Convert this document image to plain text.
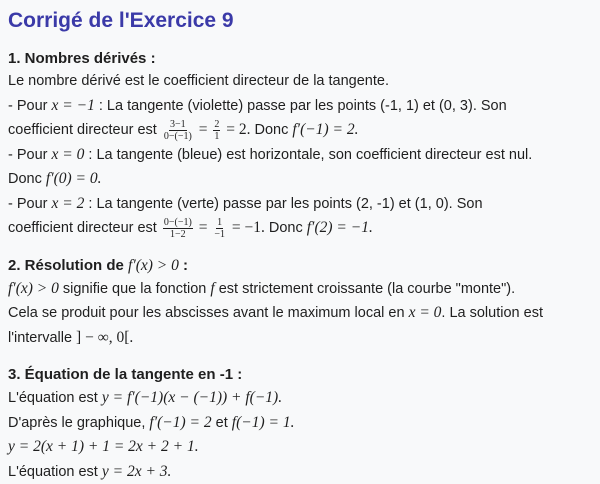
Corrigé de l'Exercice 9
1. Nombres dérivés :
Le nombre dérivé est le coefficient directeur de la tangente.
- Pour x = −1 : La tangente (violette) passe par les points (-1, 1) et (0, 3). Son
coefficient directeur est $\frac{3-1}{0-(-1)} = \frac{2}{1} = 2$. Donc f′(−1) = 2.
- Pour x = 0 : La tangente (bleue) est horizontale, son coefficient directeur est nul.
Donc f′(0) = 0.
- Pour x = 2 : La tangente (verte) passe par les points (2, -1) et (1, 0). Son
coefficient directeur est $\frac{0-(-1)}{1-2} = \frac{1}{-1} = -1$. Donc f′(2) = −1.
2. Résolution de f′(x) > 0 :
f′(x) > 0 signifie que la fonction f est strictement croissante (la courbe "monte").
Cela se produit pour les abscisses avant le maximum local en x = 0. La solution est
l'intervalle ] − ∞, 0[.
3. Équation de la tangente en -1 :
L'équation est y = f′(−1)(x − (−1)) + f(−1).
D'après le graphique, f′(−1) = 2 et f(−1) = 1.
y = 2(x + 1) + 1 = 2x + 2 + 1.
L'équation est y = 2x + 3.
